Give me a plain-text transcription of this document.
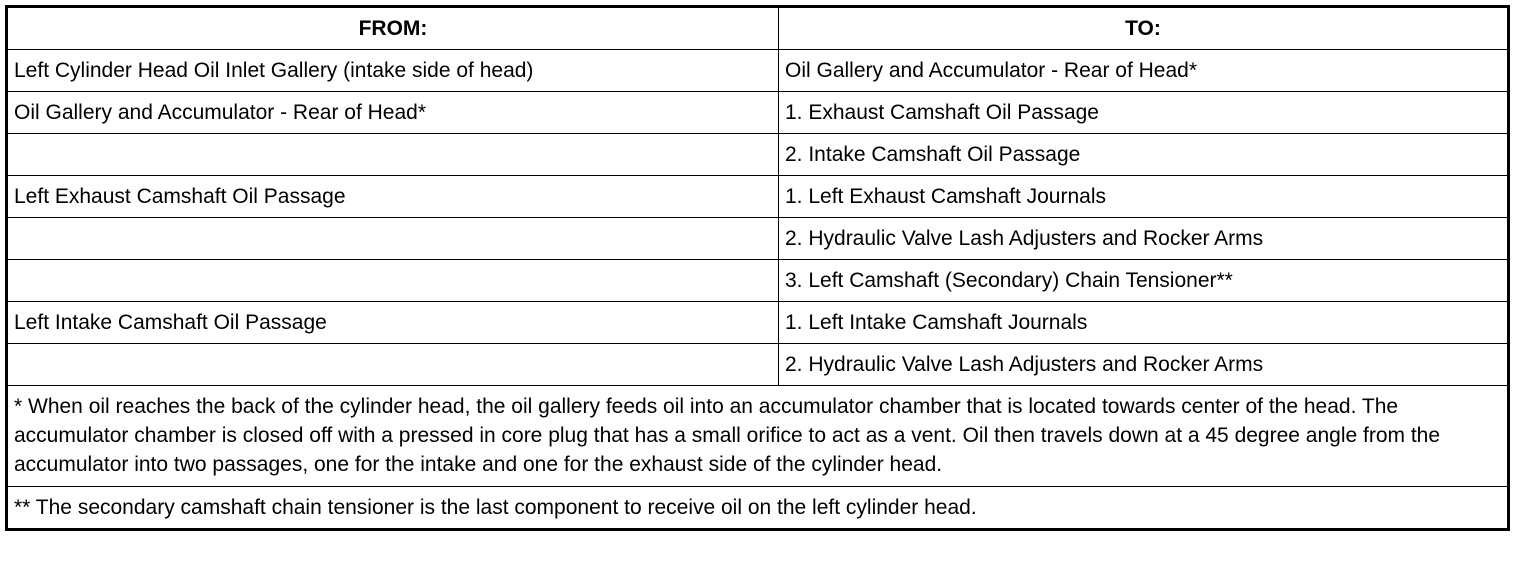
FROM:	TO:
Left Cylinder Head Oil Inlet Gallery (intake side of head)	Oil Gallery and Accumulator - Rear of Head*
Oil Gallery and Accumulator - Rear of Head*	1. Exhaust Camshaft Oil Passage
	2. Intake Camshaft Oil Passage
Left Exhaust Camshaft Oil Passage	1. Left Exhaust Camshaft Journals
	2. Hydraulic Valve Lash Adjusters and Rocker Arms
	3. Left Camshaft (Secondary) Chain Tensioner**
Left Intake Camshaft Oil Passage	1. Left Intake Camshaft Journals
	2. Hydraulic Valve Lash Adjusters and Rocker Arms
* When oil reaches the back of the cylinder head, the oil gallery feeds oil into an accumulator chamber that is located towards center of the head. The accumulator chamber is closed off with a pressed in core plug that has a small orifice to act as a vent. Oil then travels down at a 45 degree angle from the accumulator into two passages, one for the intake and one for the exhaust side of the cylinder head.	
** The secondary camshaft chain tensioner is the last component to receive oil on the left cylinder head.	
